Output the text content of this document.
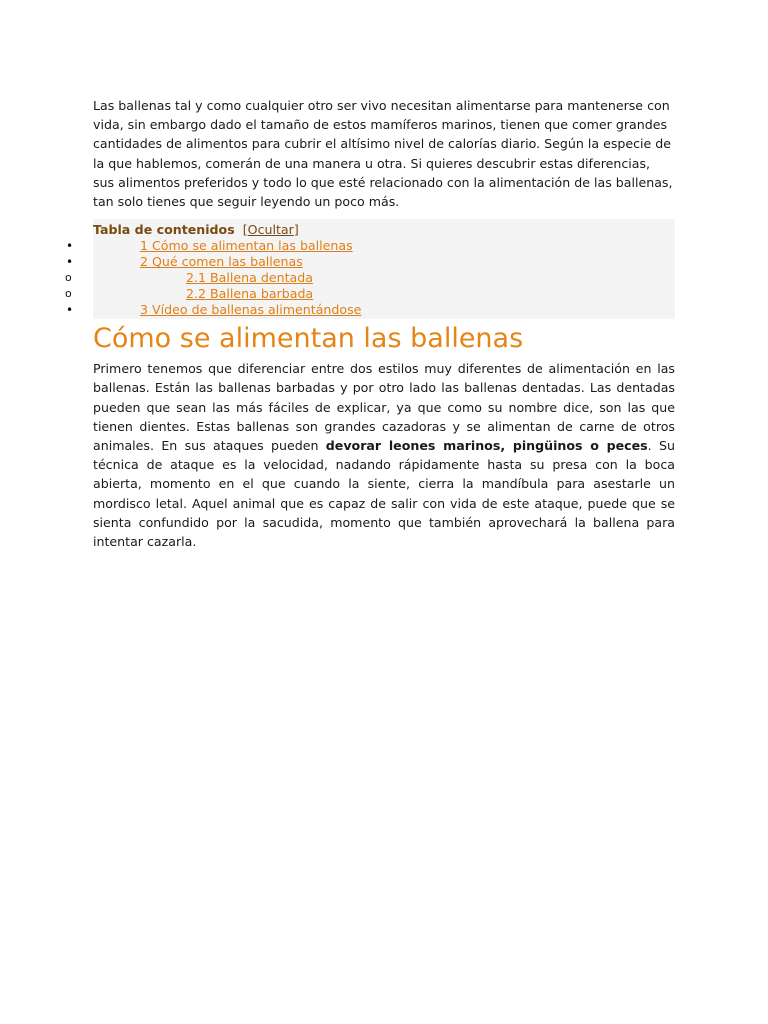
Las ballenas tal y como cualquier otro ser vivo necesitan alimentarse para mantenerse con vida, sin embargo dado el tamaño de estos mamíferos marinos, tienen que comer grandes cantidades de alimentos para cubrir el altísimo nivel de calorías diario. Según la especie de la que hablemos, comerán de una manera u otra. Si quieres descubrir estas diferencias, sus alimentos preferidos y todo lo que esté relacionado con la alimentación de las ballenas, tan solo tienes que seguir leyendo un poco más.

Tabla de contenidos [Ocultar]
•	1 Cómo se alimentan las ballenas
•	2 Qué comen las ballenas
o	2.1 Ballena dentada
o	2.2 Ballena barbada
•	3 Vídeo de ballenas alimentándose
Cómo se alimentan las ballenas

Primero tenemos que diferenciar entre dos estilos muy diferentes de alimentación en las ballenas. Están las ballenas barbadas y por otro lado las ballenas dentadas. Las dentadas pueden que sean las más fáciles de explicar, ya que como su nombre dice, son las que tienen dientes. Estas ballenas son grandes cazadoras y se alimentan de carne de otros animales. En sus ataques pueden devorar leones marinos, pingüinos o peces. Su técnica de ataque es la velocidad, nadando rápidamente hasta su presa con la boca abierta, momento en el que cuando la siente, cierra la mandíbula para asestarle un mordisco letal. Aquel animal que es capaz de salir con vida de este ataque, puede que se sienta confundido por la sacudida, momento que también aprovechará la ballena para intentar cazarla.
